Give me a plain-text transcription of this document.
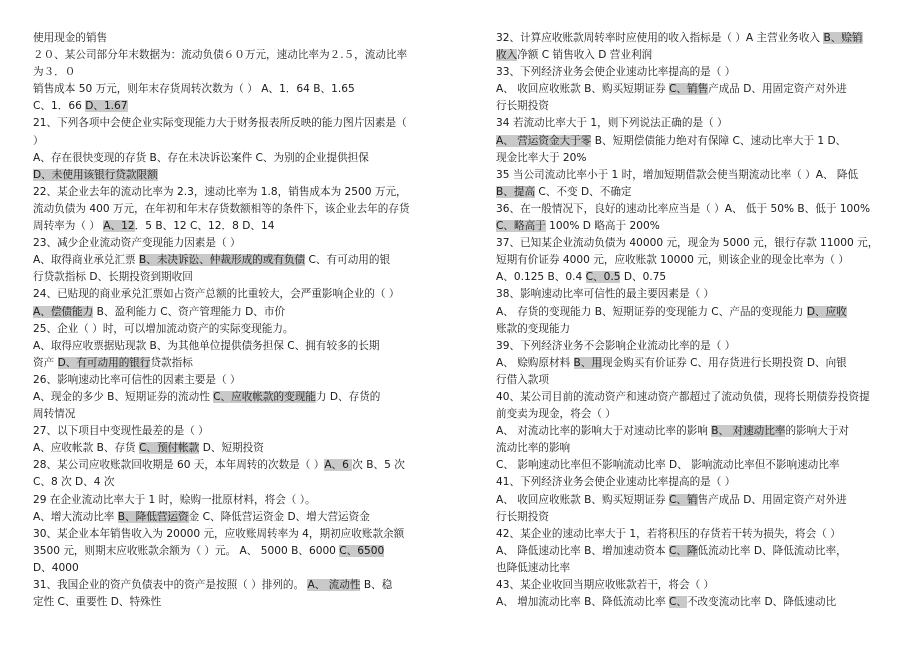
使用现金的销售
２０、某公司部分年末数据为：流动负债６０万元，速动比率为２.５，流动比率
为３．０
销售成本 50 万元，则年末存货周转次数为（ ） A、1．64 B、1.65
C、1．66 D、1.67
21、下列各项中会使企业实际变现能力大于财务报表所反映的能力图片因素是（
）
A、存在很快变现的存货 B、存在未决诉讼案件 C、为别的企业提供担保
D、未使用该银行贷款限额
22、某企业去年的流动比率为 2.3，速动比率为 1.8，销售成本为 2500 万元，
流动负债为 400 万元，在年初和年末存货数额相等的条件下，该企业去年的存货
周转率为（ ） A、12．5 B、12 C、12．8 D、14
23、减少企业流动资产变现能力因素是（ ）
A、取得商业承兑汇票 B、未决诉讼、仲裁形成的或有负债 C、有可动用的银
行贷款指标 D、长期投资到期收回
24、已贴现的商业承兑汇票如占资产总额的比重较大，会严重影响企业的（ ）
A、偿债能力 B、盈利能力 C、资产管理能力 D、市价
25、企业（ ）时，可以增加流动资产的实际变现能力。
A、取得应收票据贴现款 B、为其他单位提供债务担保 C、拥有较多的长期
资产 D、有可动用的银行贷款指标
26、影响速动比率可信性的因素主要是（ ）
A、现金的多少 B、短期证券的流动性 C、应收帐款的变现能力 D、存货的
周转情况
27、以下项目中变现性最差的是（ ）
A、应收帐款 B、存货 C、预付帐款 D、短期投资
28、某公司应收账款回收期是 60 天，本年周转的次数是（ ）A、6 次 B、5 次
C、8 次 D、4 次
29 在企业流动比率大于 1 时，赊购一批原材料，将会（ ）。
A、增大流动比率 B、降低营运资金 C、降低营运资金 D、增大营运资金
30、某企业本年销售收入为 20000 元，应收账周转率为 4，期初应收账款余额
3500 元，则期末应收账款余额为（ ）元。 A、 5000 B、6000 C、6500
D、4000
31、我国企业的资产负债表中的资产是按照（ ）排列的。 A、 流动性 B、稳
定性 C、重要性 D、特殊性
32、计算应收账款周转率时应使用的收入指标是（ ）A 主营业务收入 B、赊销
收入净额 C 销售收入 D 营业利润
33、下列经济业务会使企业速动比率提高的是（ ）
A、 收回应收账款 B、购买短期证券 C、销售产成品 D、用固定资产对外进
行长期投资
34 若流动比率大于 1，则下列说法正确的是（ ）
A、 营运资金大于零 B、短期偿债能力绝对有保障 C、速动比率大于 1 D、
现金比率大于 20%
35 当公司流动比率小于 1 时，增加短期借款会使当期流动比率（ ）A、 降低
B、提高 C、不变 D、不确定
36、在一般情况下，良好的速动比率应当是（ ）A、 低于 50% B、低于 100%
C、略高于 100% D 略高于 200%
37、已知某企业流动负债为 40000 元，现金为 5000 元，银行存款 11000 元，
短期有价证券 4000 元，应收账款 10000 元，则该企业的现金比率为（ ）
A、0.125 B、0.4 C、0.5 D、0.75
38、影响速动比率可信性的最主要因素是（ ）
A、 存货的变现能力 B、短期证券的变现能力 C、产品的变现能力 D、应收
账款的变现能力
39、下列经济业务不会影响企业流动比率的是（ ）
A、 赊购原材料 B、用现金购买有价证券 C、用存货进行长期投资 D、向银
行借入款项
40、某公司目前的流动资产和速动资产都超过了流动负债，现将长期债券投资提
前变卖为现金，将会（ ）
A、 对流动比率的影响大于对速动比率的影响 B、 对速动比率的影响大于对
流动比率的影响
C、 影响速动比率但不影响流动比率 D、 影响流动比率但不影响速动比率
41、下列经济业务会使企业速动比率提高的是（ ）
A、 收回应收账款 B、购买短期证券 C、销售产成品 D、用固定资产对外进
行长期投资
42、某企业的速动比率大于 1，若将积压的存货若干转为损失，将会（ ）
A、 降低速动比率 B、增加速动资本 C、降低流动比率 D、降低流动比率，
也降低速动比率
43、某企业收回当期应收账款若干，将会（ ）
A、 增加流动比率 B、降低流动比率 C、不改变流动比率 D、降低速动比
